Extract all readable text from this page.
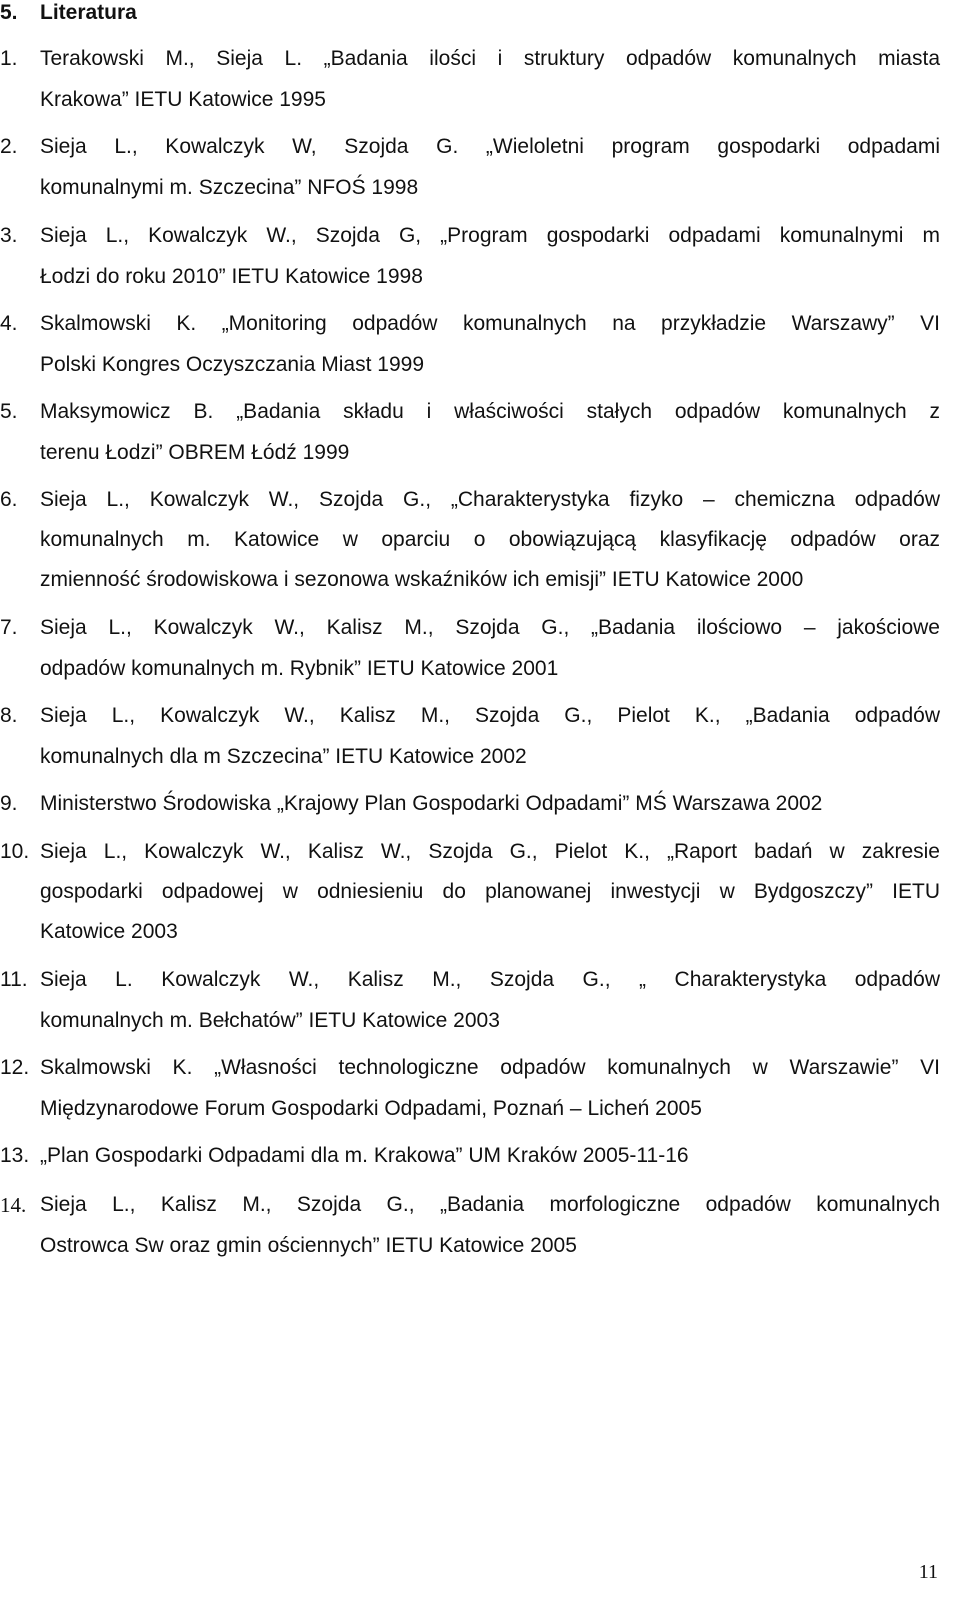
5. Literatura
1.	Terakowski M., Sieja L. „Badania ilości i struktury odpadów komunalnych miasta
Krakowa” IETU Katowice 1995
2.	Sieja L., Kowalczyk W, Szojda G. „Wieloletni program gospodarki odpadami
komunalnymi m. Szczecina” NFOŚ 1998
3.	Sieja L., Kowalczyk W., Szojda G, „Program gospodarki odpadami komunalnymi m
Łodzi do roku 2010” IETU Katowice 1998
4.	Skalmowski K. „Monitoring odpadów komunalnych na przykładzie Warszawy” VI
Polski Kongres Oczyszczania Miast 1999
5.	Maksymowicz B. „Badania składu i właściwości stałych odpadów komunalnych z
terenu Łodzi” OBREM Łódź 1999
6.	Sieja L., Kowalczyk W., Szojda G., „Charakterystyka fizyko – chemiczna odpadów
komunalnych m. Katowice w oparciu o obowiązującą klasyfikację odpadów oraz
zmienność środowiskowa i sezonowa wskaźników ich emisji” IETU Katowice 2000
7.	Sieja L., Kowalczyk W., Kalisz M., Szojda G., „Badania ilościowo – jakościowe
odpadów komunalnych m. Rybnik” IETU Katowice 2001
8.	Sieja L., Kowalczyk W., Kalisz M., Szojda G., Pielot K., „Badania odpadów
komunalnych dla m Szczecina” IETU Katowice 2002
9.	Ministerstwo Środowiska „Krajowy Plan Gospodarki Odpadami” MŚ Warszawa 2002
10. Sieja L., Kowalczyk W., Kalisz W., Szojda G., Pielot K., „Raport badań w zakresie
gospodarki odpadowej w odniesieniu do planowanej inwestycji w Bydgoszczy” IETU
Katowice 2003
11. Sieja L. Kowalczyk W., Kalisz M., Szojda G., „ Charakterystyka odpadów
komunalnych m. Bełchatów” IETU Katowice 2003
12. Skalmowski K. „Własności technologiczne odpadów komunalnych w Warszawie” VI
Międzynarodowe Forum Gospodarki Odpadami, Poznań – Licheń 2005
13. „Plan Gospodarki Odpadami dla m. Krakowa” UM Kraków 2005-11-16
14. Sieja L., Kalisz M., Szojda G., „Badania morfologiczne odpadów komunalnych
Ostrowca Sw oraz gmin ościennych” IETU Katowice 2005
11
